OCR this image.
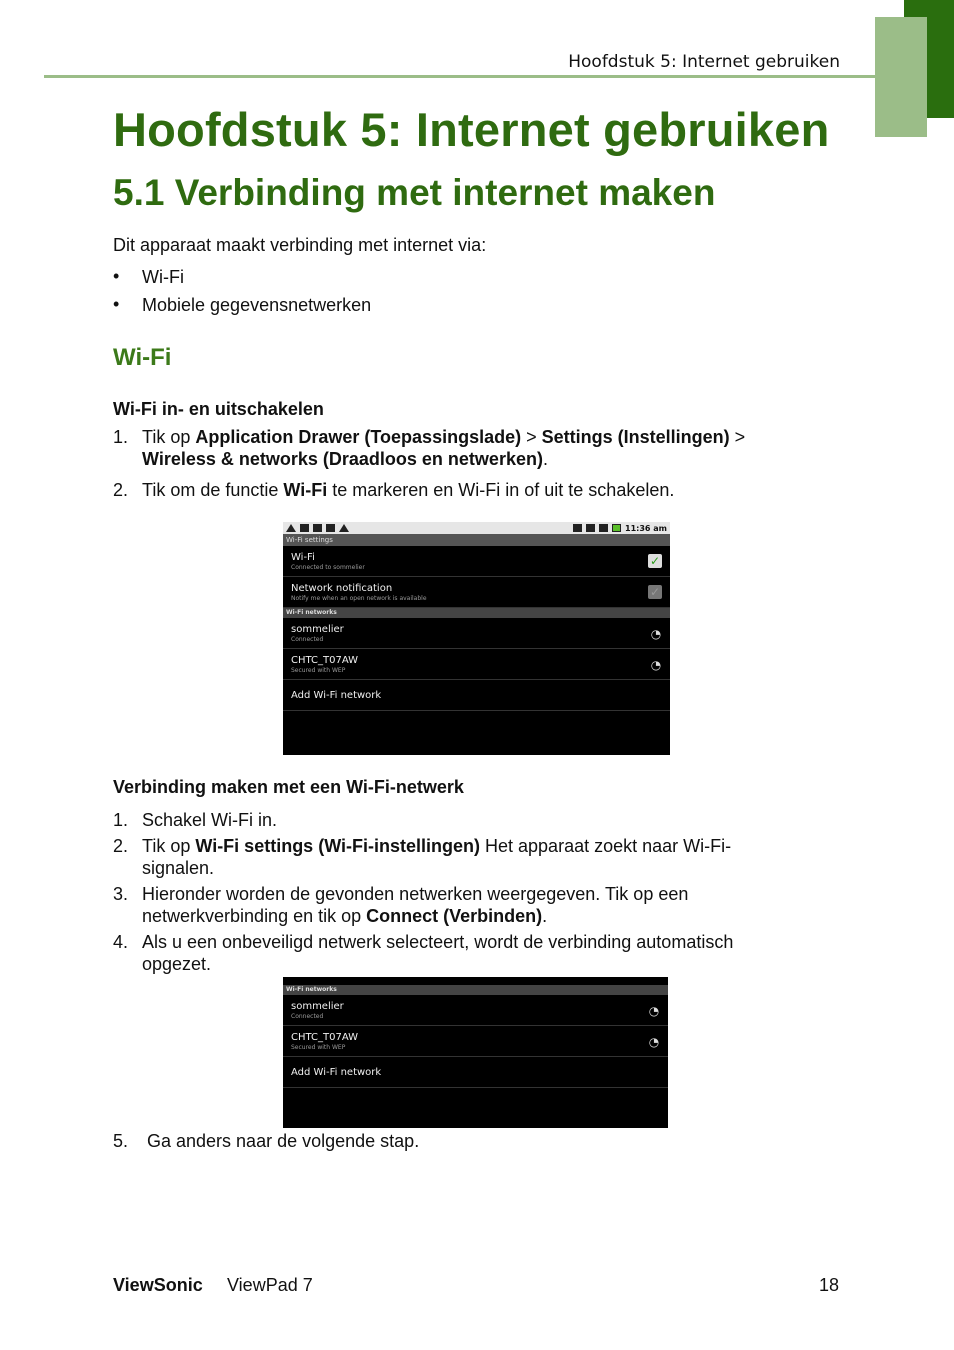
Hoofdstuk 5: Internet gebruiken
Hoofdstuk 5: Internet gebruiken
5.1 Verbinding met internet maken
Dit apparaat maakt verbinding met internet via:
• Wi-Fi
• Mobiele gegevensnetwerken
Wi-Fi
Wi-Fi in- en uitschakelen
1. Tik op Application Drawer (Toepassingslade) > Settings (Instellingen) >
Wireless & networks (Draadloos en netwerken).
2. Tik om de functie Wi-Fi te markeren en Wi-Fi in of uit te schakelen.
11:36 am
Wi-Fi settings
Wi-Fi
Connected to sommelier	✓
Network notification
Notify me when an open network is available	✓
Wi-Fi networks
sommelier
Connected	◔
CHTC_T07AW
Secured with WEP	◔
Add Wi-Fi network
Verbinding maken met een Wi-Fi-netwerk
1. Schakel Wi-Fi in.
2. Tik op Wi-Fi settings (Wi-Fi-instellingen) Het apparaat zoekt naar Wi-Fi-
signalen.
3. Hieronder worden de gevonden netwerken weergegeven. Tik op een
netwerkverbinding en tik op Connect (Verbinden).
4. Als u een onbeveiligd netwerk selecteert, wordt de verbinding automatisch
opgezet.
Wi-Fi networks
sommelier
Connected	◔
CHTC_T07AW
Secured with WEP	◔
Add Wi-Fi network
5. Ga anders naar de volgende stap.
ViewSonic ViewPad 7	18
